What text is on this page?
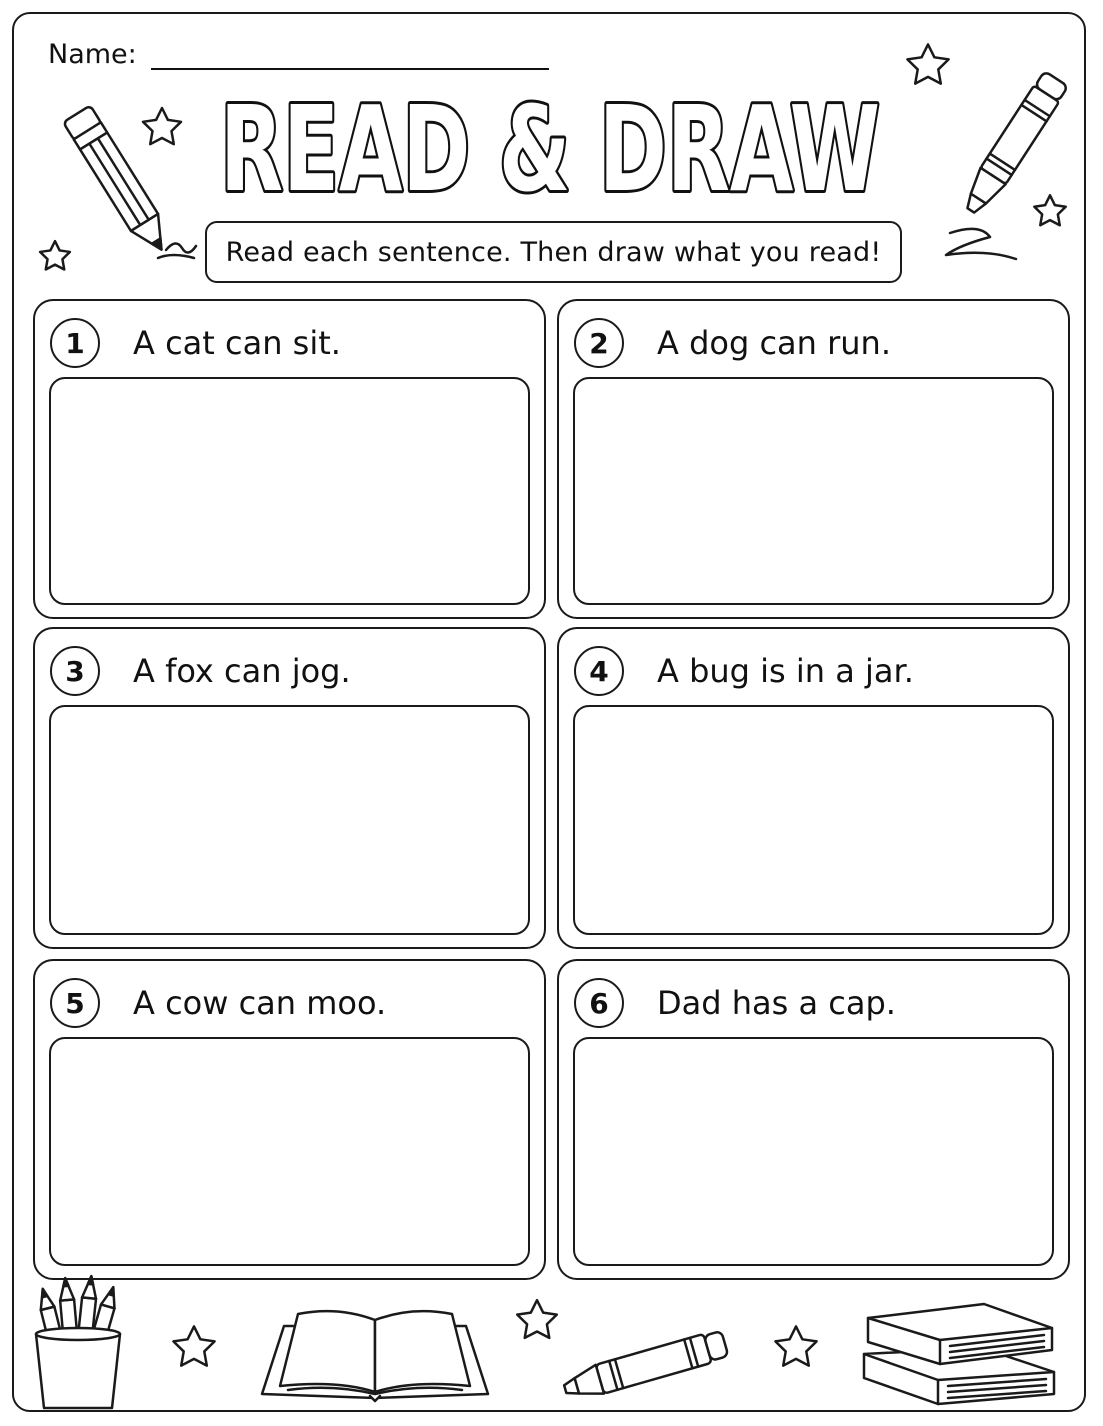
Name:
READ & DRAW
Read each sentence. Then draw what you read!
1	A cat can sit.	2	A dog can run.
3	A fox can jog.	4	A bug is in a jar.
5	A cow can moo.	6	Dad has a cap.
